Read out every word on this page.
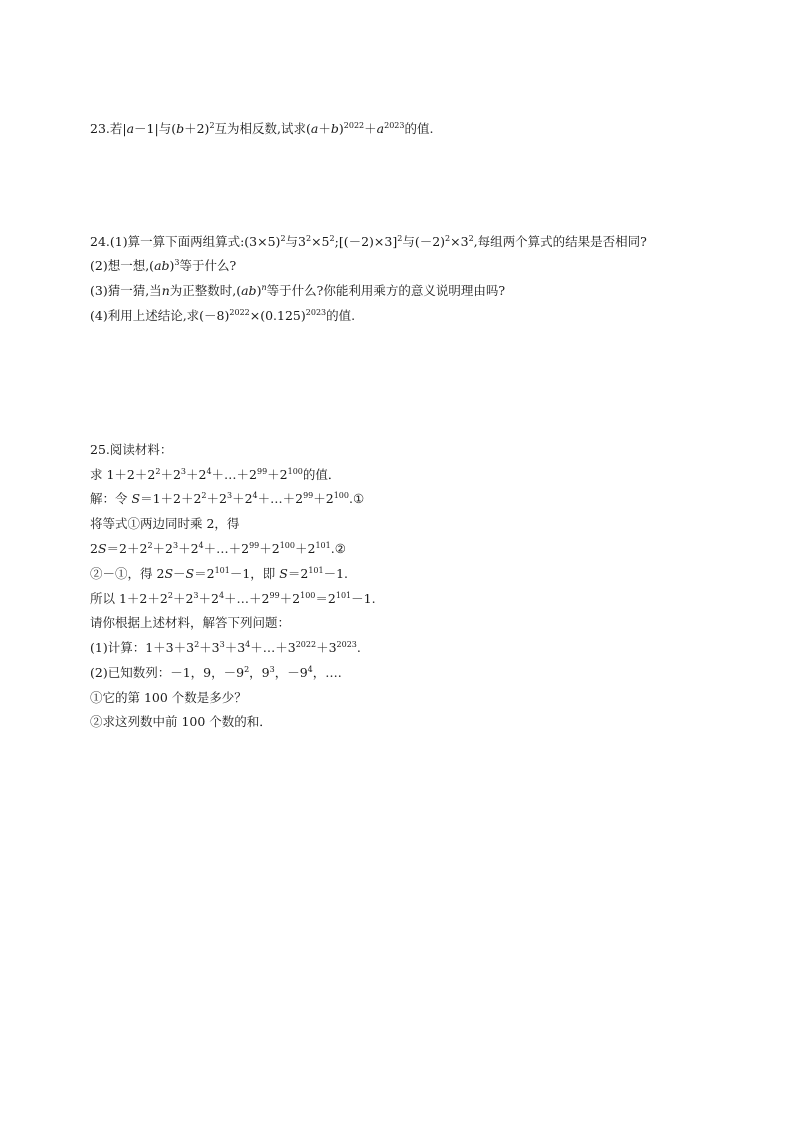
23.若|a－1|与$(b+2)^2$互为相反数,试求$(a+b)^{2022}+a^{2023}$的值.
24.(1)算一算下面两组算式$:(3\times 5)^2$与$3^2\times 5^2;[(-2)\times 3]^2$与$(-2)^2\times 3^2$,每组两个算式的结果是否相同?
(2)想一想,(ab)$^3$等于什么?
(3)猜一猜,当n为正整数时,(ab)$^n$等于什么?你能利用乘方的意义说明理由吗?
(4)利用上述结论,求$(-8)^{2022}\times(0.125)^{2023}$的值.
25.阅读材料：
求 $1+2+2^2+2^3+2^4+\dots+2^{99}+2^{100}$的值．
解：令 $S=1+2+2^2+2^3+2^4+\dots+2^{99}+2^{100}.①$
将等式①两边同时乘 2，得
$2S=2+2^2+2^3+2^4+\dots+2^{99}+2^{100}+2^{101}.②$
②－①，得 $2S-S=2^{101}-1$，即 $S=2^{101}-1$.
所以 $1+2+2^2+2^3+2^4+\dots+2^{99}+2^{100}=2^{101}-1$.
请你根据上述材料，解答下列问题：
(1)计算：$1+3+3^2+3^3+3^4+\dots+3^{2022}+3^{2023}$.
(2)已知数列：－1，9，$-9^2$，$9^3$，$-9^4$，….
①它的第 100 个数是多少？
②求这列数中前 100 个数的和．
